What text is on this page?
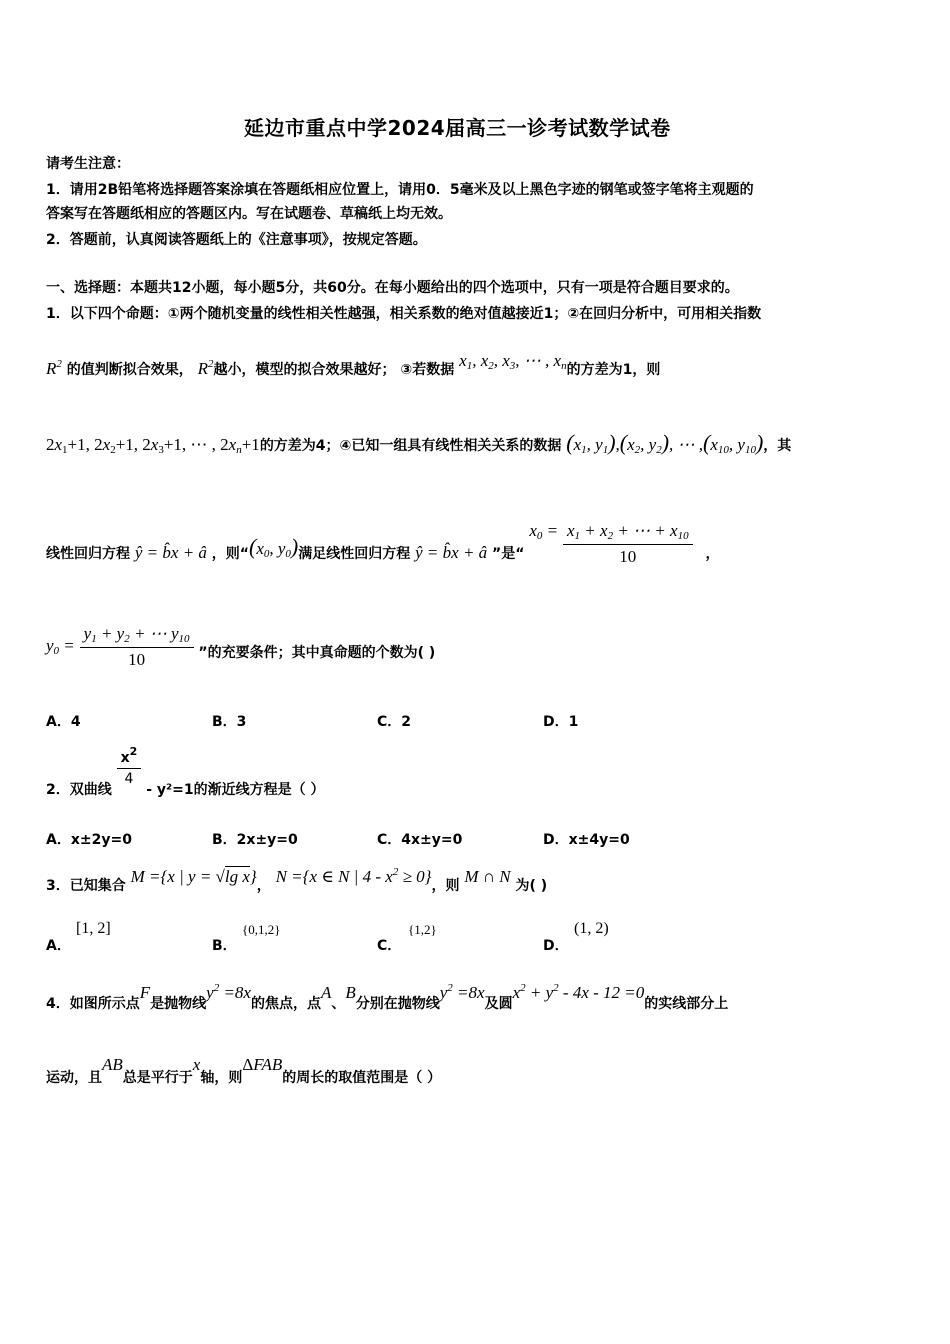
延边市重点中学2024届高三一诊考试数学试卷
请考生注意：
1．请用2B铅笔将选择题答案涂填在答题纸相应位置上，请用0．5毫米及以上黑色字迹的钢笔或签字笔将主观题的
答案写在答题纸相应的答题区内。写在试题卷、草稿纸上均无效。
2．答题前，认真阅读答题纸上的《注意事项》，按规定答题。
一、选择题：本题共12小题，每小题5分，共60分。在每小题给出的四个选项中，只有一项是符合题目要求的。
1．以下四个命题：①两个随机变量的线性相关性越强，相关系数的绝对值越接近1；②在回归分析中，可用相关指数
$R^2$ 的值判断拟合效果， $R^2$越小，模型的拟合效果越好； ③若数据 $x_1$, $x_2$, $x_3$, ⋯ , $x_n$的方差为1，则
$2x_1+1$, $2x_2+1$, $2x_3+1$, ⋯ , $2x_n+1$的方差为4；④已知一组具有线性相关关系的数据 ($x_1$, $y_1),(x_2$, $y_2$), ⋯ $,(x_{10}$, $y_{10}$)，其
线性回归方程 ŷ = b̂x + â ，则“($x_0$, $y_0$)满足线性回归方程 ŷ = b̂x + â ”是“ $x_0 = \frac{x_1 + x_2 + \cdots + x_{10}}{10}$ ，
$y_0 = \frac{y_1 + y_2 + \cdots y_{10}}{10}$ ”的充要条件；其中真命题的个数为( )
A．4	B．3	C．2	D．1
2．双曲线
$\frac{x^2}{4}$
- y²=1的渐近线方程是（ ）
A．x±2y=0	B．2x±y=0	C．4x±y=0	D．x±4y=0
3．已知集合 M ={x | y = √lg x}， N ={x ∈ N | $4 - x^2 \ge 0$}，则 M ∩ N 为( )
A．
[1, 2]
B．
{0,1,2}
C．
{1,2}
D．
(1, 2)
4．如图所示点F是抛物线$y^2 =8x$的焦点，点A、B分别在抛物线$y^2 =8x$及圆$x^2 + y^2 - 4x - 12 =0$的实线部分上
运动，且AB总是平行于x轴，则ΔFAB的周长的取值范围是（ ）
